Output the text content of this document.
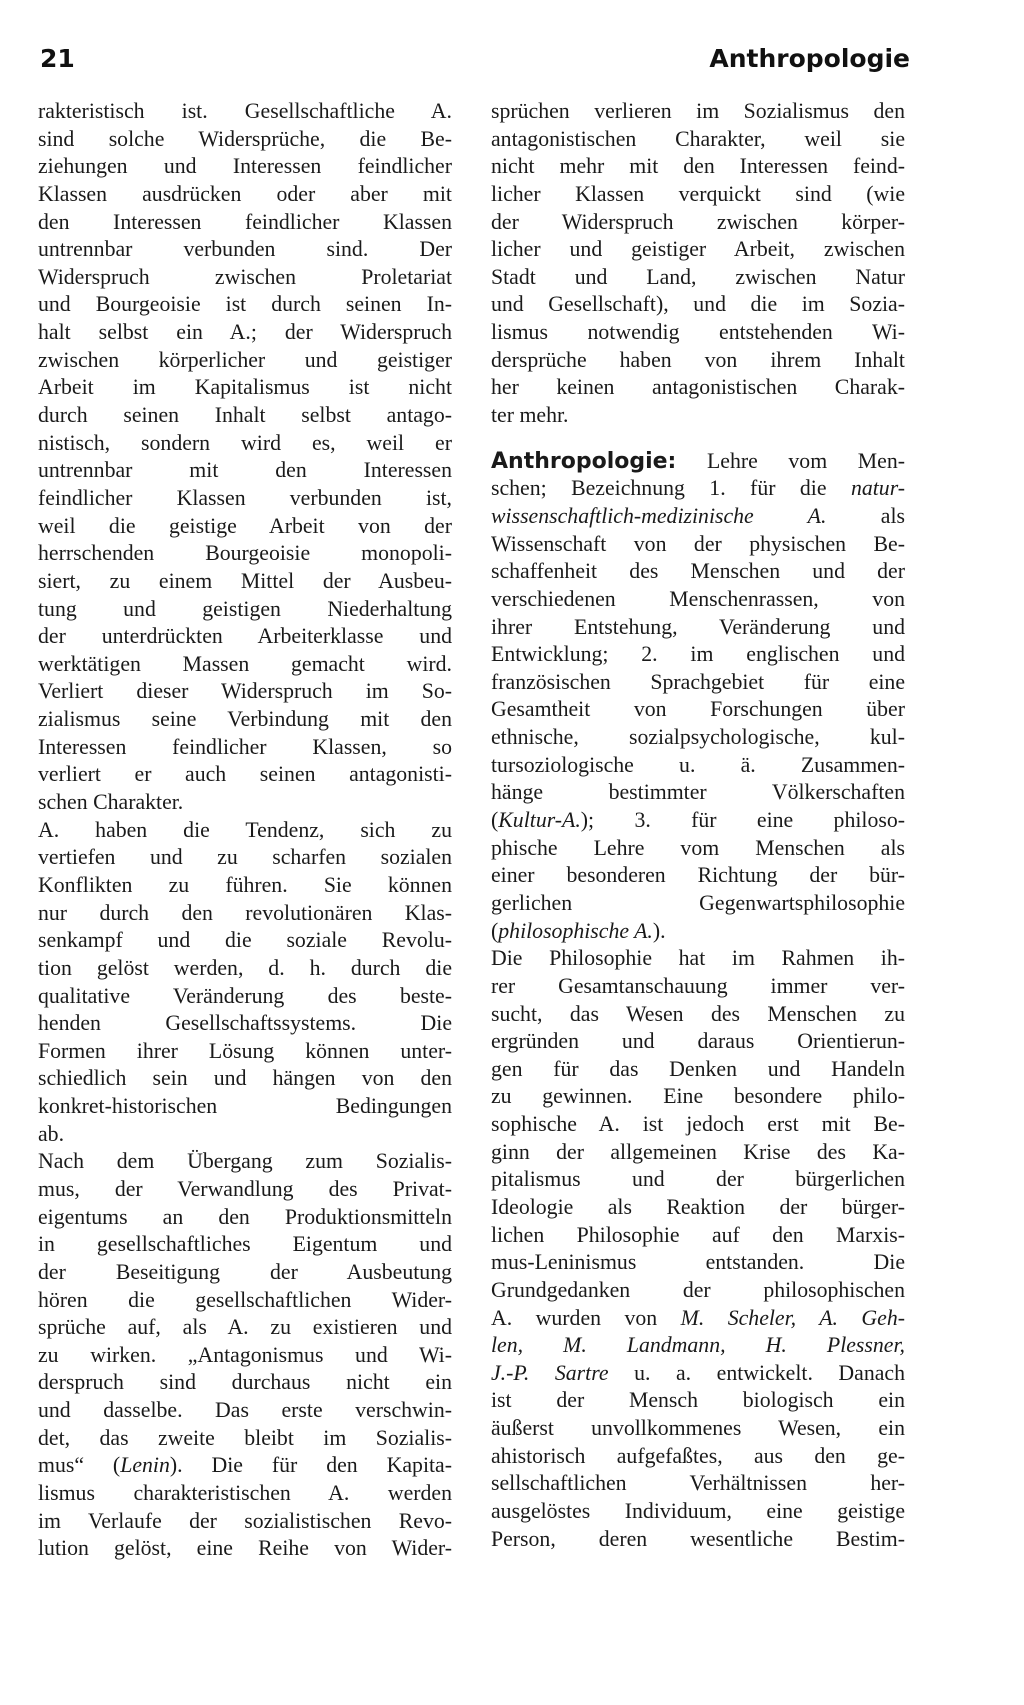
21	Anthropologie
rakteristisch ist. Gesellschaftliche A.
sind solche Widersprüche, die Be-
ziehungen und Interessen feindlicher
Klassen ausdrücken oder aber mit
den Interessen feindlicher Klassen
untrennbar verbunden sind. Der
Widerspruch zwischen Proletariat
und Bourgeoisie ist durch seinen In-
halt selbst ein A.; der Widerspruch
zwischen körperlicher und geistiger
Arbeit im Kapitalismus ist nicht
durch seinen Inhalt selbst antago-
nistisch, sondern wird es, weil er
untrennbar mit den Interessen
feindlicher Klassen verbunden ist,
weil die geistige Arbeit von der
herrschenden Bourgeoisie monopoli-
siert, zu einem Mittel der Ausbeu-
tung und geistigen Niederhaltung
der unterdrückten Arbeiterklasse und
werktätigen Massen gemacht wird.
Verliert dieser Widerspruch im So-
zialismus seine Verbindung mit den
Interessen feindlicher Klassen, so
verliert er auch seinen antagonisti-
schen Charakter.
A. haben die Tendenz, sich zu
vertiefen und zu scharfen sozialen
Konflikten zu führen. Sie können
nur durch den revolutionären Klas-
senkampf und die soziale Revolu-
tion gelöst werden, d. h. durch die
qualitative Veränderung des beste-
henden Gesellschaftssystems. Die
Formen ihrer Lösung können unter-
schiedlich sein und hängen von den
konkret-historischen Bedingungen
ab.
Nach dem Übergang zum Sozialis-
mus, der Verwandlung des Privat-
eigentums an den Produktionsmitteln
in gesellschaftliches Eigentum und
der Beseitigung der Ausbeutung
hören die gesellschaftlichen Wider-
sprüche auf, als A. zu existieren und
zu wirken. „Antagonismus und Wi-
derspruch sind durchaus nicht ein
und dasselbe. Das erste verschwin-
det, das zweite bleibt im Sozialis-
mus“ (Lenin). Die für den Kapita-
lismus charakteristischen A. werden
im Verlaufe der sozialistischen Revo-
lution gelöst, eine Reihe von Wider-
sprüchen verlieren im Sozialismus den
antagonistischen Charakter, weil sie
nicht mehr mit den Interessen feind-
licher Klassen verquickt sind (wie
der Widerspruch zwischen körper-
licher und geistiger Arbeit, zwischen
Stadt und Land, zwischen Natur
und Gesellschaft), und die im Sozia-
lismus notwendig entstehenden Wi-
dersprüche haben von ihrem Inhalt
her keinen antagonistischen Charak-
ter mehr.
Anthropologie: Lehre vom Men-
schen; Bezeichnung 1. für die natur-
wissenschaftlich-medizinische A. als
Wissenschaft von der physischen Be-
schaffenheit des Menschen und der
verschiedenen Menschenrassen, von
ihrer Entstehung, Veränderung und
Entwicklung; 2. im englischen und
französischen Sprachgebiet für eine
Gesamtheit von Forschungen über
ethnische, sozialpsychologische, kul-
tursoziologische u. ä. Zusammen-
hänge bestimmter Völkerschaften
(Kultur-A.); 3. für eine philoso-
phische Lehre vom Menschen als
einer besonderen Richtung der bür-
gerlichen Gegenwartsphilosophie
(philosophische A.).
Die Philosophie hat im Rahmen ih-
rer Gesamtanschauung immer ver-
sucht, das Wesen des Menschen zu
ergründen und daraus Orientierun-
gen für das Denken und Handeln
zu gewinnen. Eine besondere philo-
sophische A. ist jedoch erst mit Be-
ginn der allgemeinen Krise des Ka-
pitalismus und der bürgerlichen
Ideologie als Reaktion der bürger-
lichen Philosophie auf den Marxis-
mus-Leninismus entstanden. Die
Grundgedanken der philosophischen
A. wurden von M. Scheler, A. Geh-
len, M. Landmann, H. Plessner,
J.-P. Sartre u. a. entwickelt. Danach
ist der Mensch biologisch ein
äußerst unvollkommenes Wesen, ein
ahistorisch aufgefaßtes, aus den ge-
sellschaftlichen Verhältnissen her-
ausgelöstes Individuum, eine geistige
Person, deren wesentliche Bestim-
